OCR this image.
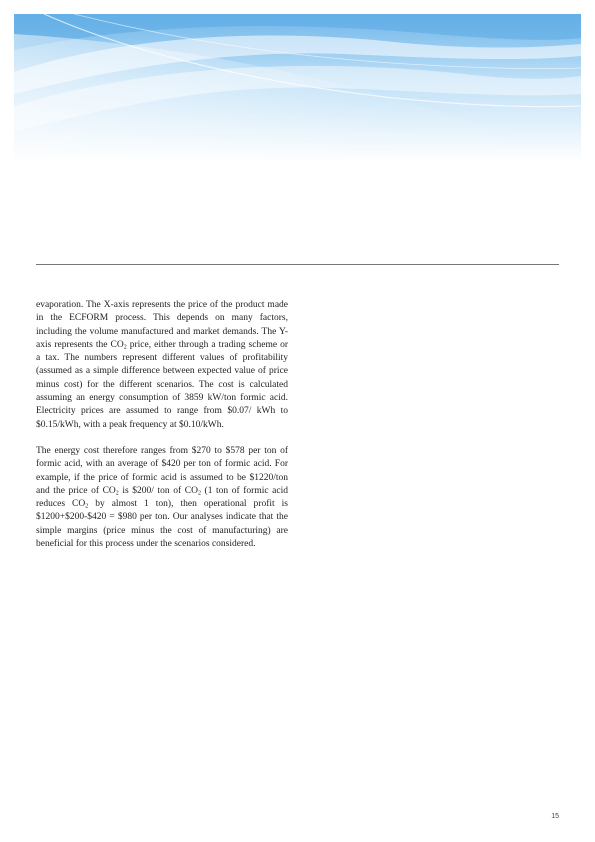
evaporation. The X-axis represents the price of the product made in the ECFORM process. This depends on many factors, including the volume manufactured and market demands. The Y-axis represents the $CO_2$ price, either through a trading scheme or a tax. The numbers represent different values of profitability (assumed as a simple difference between expected value of price minus cost) for the different scenarios. The cost is calculated assuming an energy consumption of 3859 kW/ton formic acid. Electricity prices are assumed to range from $0.07/ kWh to $0.15/kWh, with a peak frequency at $0.10/kWh.

The energy cost therefore ranges from $270 to $578 per ton of formic acid, with an average of $420 per ton of formic acid. For example, if the price of formic acid is assumed to be $1220/ton and the price of $CO_2$ is $200/ ton of $CO_2$ (1 ton of formic acid reduces $CO_2$ by almost 1 ton), then operational profit is $1200+$200-$420 = $980 per ton. Our analyses indicate that the simple margins (price minus the cost of manufacturing) are beneficial for this process under the scenarios considered.

15
